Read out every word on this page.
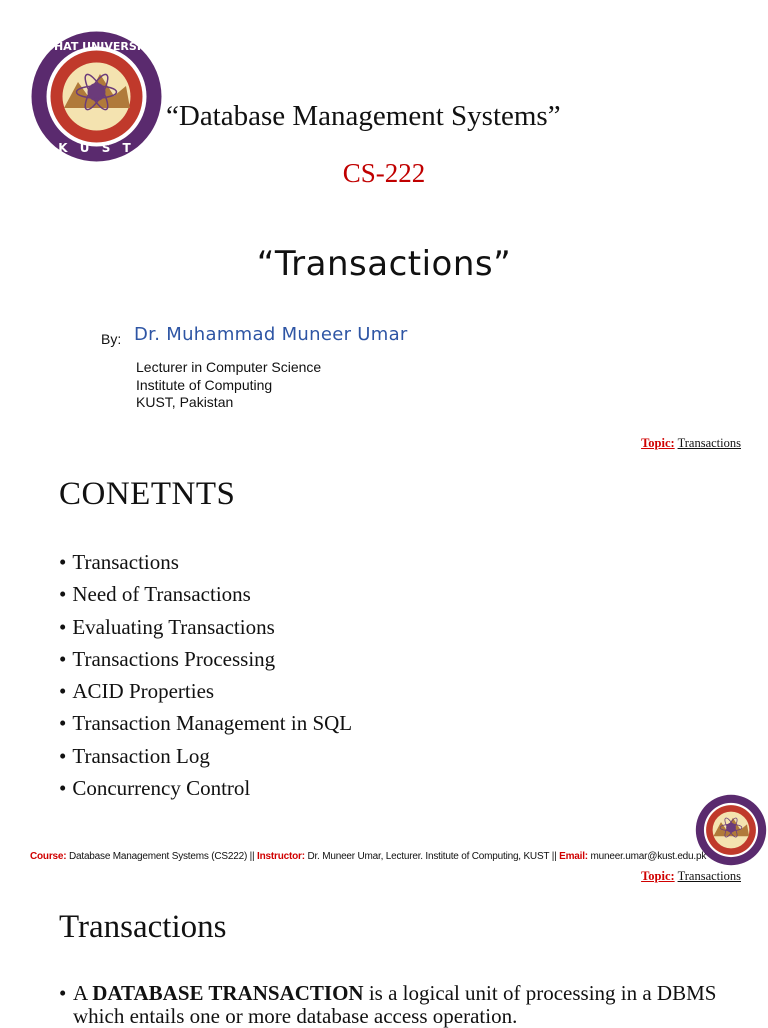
KOHAT UNIVERSITY
K U S T
“Database Management Systems”
CS-222
“Transactions”
By: Dr. Muhammad Muneer Umar
Lecturer in Computer Science
Institute of Computing
KUST, Pakistan
Topic: Transactions
CONETNTS
• Transactions
• Need of Transactions
• Evaluating Transactions
• Transactions Processing
• ACID Properties
• Transaction Management in SQL
• Transaction Log
• Concurrency Control
Course: Database Management Systems (CS222) || Instructor: Dr. Muneer Umar, Lecturer. Institute of Computing, KUST || Email: muneer.umar@kust.edu.pk
Topic: Transactions
Transactions
• A DATABASE TRANSACTION is a logical unit of processing in a DBMS which entails one or more database access operation.
